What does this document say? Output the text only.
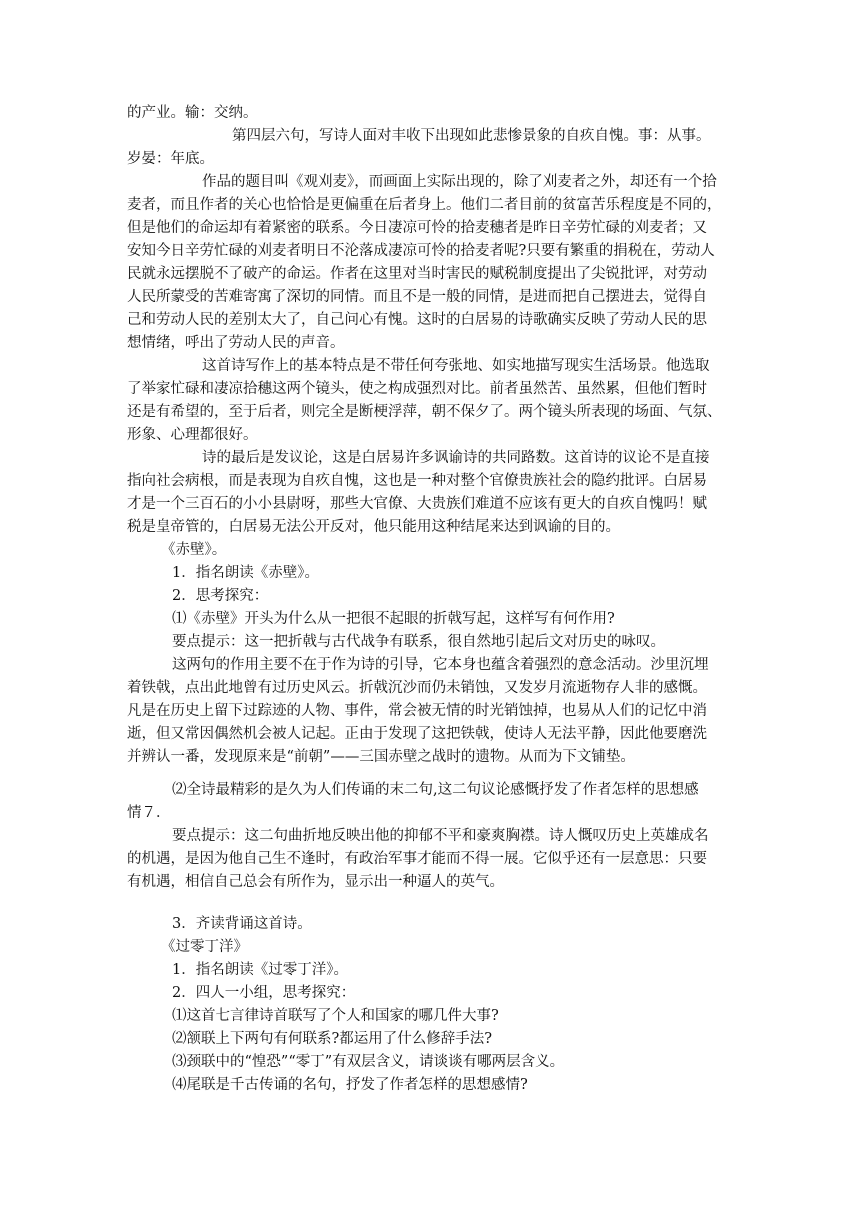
的产业。输：交纳。
第四层六句，写诗人面对丰收下出现如此悲惨景象的自疚自愧。事：从事。
岁晏：年底。
作品的题目叫《观刈麦》，而画面上实际出现的，除了刈麦者之外，却还有一个拾
麦者，而且作者的关心也恰恰是更偏重在后者身上。他们二者目前的贫富苦乐程度是不同的，
但是他们的命运却有着紧密的联系。今日凄凉可怜的拾麦穗者是昨日辛劳忙碌的刈麦者；又
安知今日辛劳忙碌的刈麦者明日不沦落成凄凉可怜的拾麦者呢?只要有繁重的捐税在，劳动人
民就永远摆脱不了破产的命运。作者在这里对当时害民的赋税制度提出了尖锐批评，对劳动
人民所蒙受的苦难寄寓了深切的同情。而且不是一般的同情，是进而把自己摆进去，觉得自
己和劳动人民的差别太大了，自己问心有愧。这时的白居易的诗歌确实反映了劳动人民的思
想情绪，呼出了劳动人民的声音。
这首诗写作上的基本特点是不带任何夸张地、如实地描写现实生活场景。他选取
了举家忙碌和凄凉拾穗这两个镜头，使之构成强烈对比。前者虽然苦、虽然累，但他们暂时
还是有希望的，至于后者，则完全是断梗浮萍，朝不保夕了。两个镜头所表现的场面、气氛、
形象、心理都很好。
诗的最后是发议论，这是白居易许多讽谕诗的共同路数。这首诗的议论不是直接
指向社会病根，而是表现为自疚自愧，这也是一种对整个官僚贵族社会的隐约批评。白居易
才是一个三百石的小小县尉呀，那些大官僚、大贵族们难道不应该有更大的自疚自愧吗！赋
税是皇帝管的，白居易无法公开反对，他只能用这种结尾来达到讽谕的目的。
《赤壁》。
1．指名朗读《赤壁》。
2．思考探究：
⑴《赤壁》开头为什么从一把很不起眼的折戟写起，这样写有何作用?
要点提示：这一把折戟与古代战争有联系，很自然地引起后文对历史的咏叹。
这两句的作用主要不在于作为诗的引导，它本身也蕴含着强烈的意念活动。沙里沉埋
着铁戟，点出此地曾有过历史风云。折戟沉沙而仍未销蚀，又发岁月流逝物存人非的感慨。
凡是在历史上留下过踪迹的人物、事件，常会被无情的时光销蚀掉，也易从人们的记忆中消
逝，但又常因偶然机会被人记起。正由于发现了这把铁戟，使诗人无法平静，因此他要磨洗
并辨认一番，发现原来是“前朝”——三国赤壁之战时的遗物。从而为下文铺垫。
⑵全诗最精彩的是久为人们传诵的末二句,这二句议论感慨抒发了作者怎样的思想感
情７．
要点提示：这二句曲折地反映出他的抑郁不平和豪爽胸襟。诗人慨叹历史上英雄成名
的机遇，是因为他自己生不逢时，有政治军事才能而不得一展。它似乎还有一层意思：只要
有机遇，相信自己总会有所作为，显示出一种逼人的英气。
3．齐读背诵这首诗。
《过零丁洋》
1．指名朗读《过零丁洋》。
2．四人一小组，思考探究：
⑴这首七言律诗首联写了个人和国家的哪几件大事?
⑵颔联上下两句有何联系?都运用了什么修辞手法?
⑶颈联中的“惶恐”“零丁”有双层含义，请谈谈有哪两层含义。
⑷尾联是千古传诵的名句，抒发了作者怎样的思想感情?
